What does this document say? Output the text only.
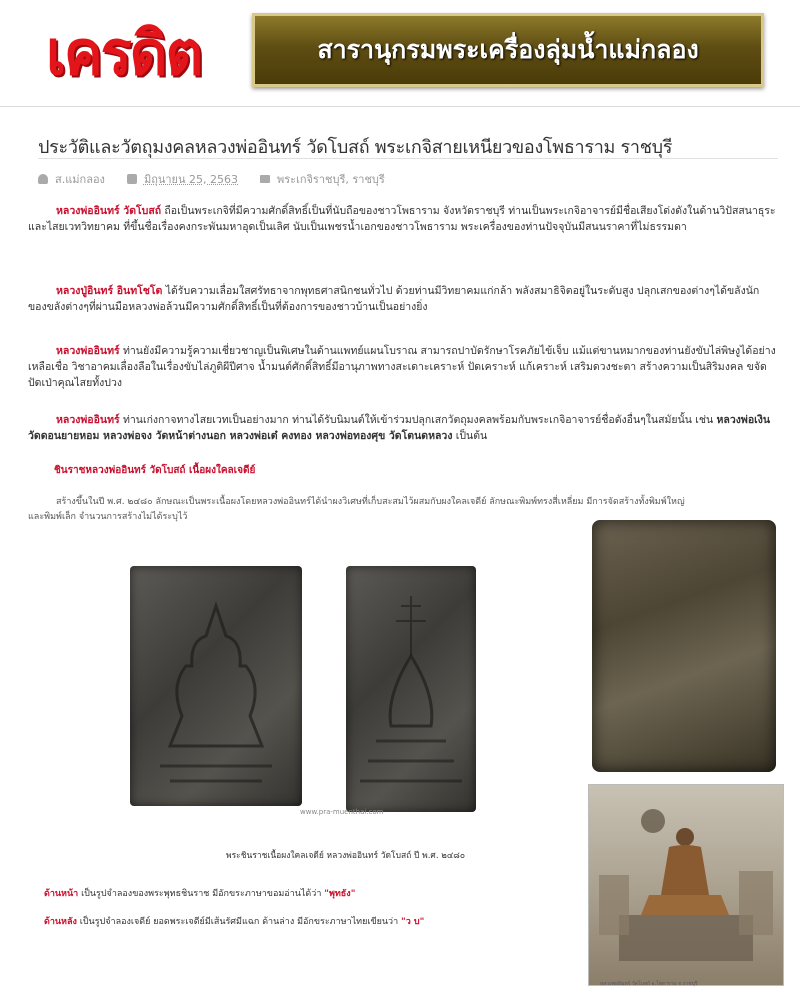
เครดิต	สารานุกรมพระเครื่องลุ่มน้ำแม่กลอง
ประวัติและวัตถุมงคลหลวงพ่ออินทร์ วัดโบสถ์ พระเกจิสายเหนียวของโพธาราม ราชบุรี
ส.แม่กลอง	มิถุนายน 25, 2563	พระเกจิราชบุรี, ราชบุรี

หลวงพ่ออินทร์ วัดโบสถ์ ถือเป็นพระเกจิที่มีความศักดิ์สิทธิ์เป็นที่นับถือของชาวโพธาราม จังหวัดราชบุรี ท่านเป็นพระเกจิอาจารย์มีชื่อเสียงโด่งดังในด้านวิปัสสนาธุระและไสยเวทวิทยาคม ที่ขึ้นชื่อเรื่องคงกระพันมหาอุดเป็นเลิศ นับเป็นเพชรน้ำเอกของชาวโพธาราม พระเครื่องของท่านปัจจุบันมีสนนราคาที่ไม่ธรรมดา

หลวงปู่อินทร์ อินทโชโต ได้รับความเลื่อมใสศรัทธาจากพุทธศาสนิกชนทั่วไป ด้วยท่านมีวิทยาคมแก่กล้า พลังสมาธิจิตอยู่ในระดับสูง ปลุกเสกของต่างๆได้ขลังนัก ของขลังต่างๆที่ผ่านมือหลวงพ่อล้วนมีความศักดิ์สิทธิ์เป็นที่ต้องการของชาวบ้านเป็นอย่างยิ่ง

หลวงพ่ออินทร์ ท่านยังมีความรู้ความเชี่ยวชาญเป็นพิเศษในด้านแพทย์แผนโบราณ สามารถปาบัดรักษาโรคภัยไข้เจ็บ แม้แต่ขานหมากของท่านยังขับไล่พิษงูได้อย่างเหลือเชื่อ วิชาอาคมเลื่องลือในเรื่องขับไล่ภูติผีปีศาจ น้ำมนต์ศักดิ์สิทธิ์มีอานุภาพทางสะเดาะเคราะห์ ปัดเคราะห์ แก้เคราะห์ เสริมดวงชะตา สร้างความเป็นสิริมงคล ขจัดปัดเป่าคุณไสยทั้งปวง

หลวงพ่ออินทร์ ท่านเก่งกาจทางไสยเวทเป็นอย่างมาก ท่านได้รับนิมนต์ให้เข้าร่วมปลุกเสกวัตถุมงคลพร้อมกับพระเกจิอาจารย์ชื่อดังอื่นๆในสมัยนั้น เช่น หลวงพ่อเงิน วัดดอนยายหอม หลวงพ่อจง วัดหน้าต่างนอก หลวงพ่อเต๋ คงทอง หลวงพ่อทองศุข วัดโตนดหลวง เป็นต้น

ชินราชหลวงพ่ออินทร์ วัดโบสถ์ เนื้อผงใคลเจดีย์

สร้างขึ้นในปี พ.ศ. ๒๔๘๐ ลักษณะเป็นพระเนื้อผงโดยหลวงพ่ออินทร์ได้นำผงวิเศษที่เก็บสะสมไว้ผสมกับผงใคลเจดีย์ ลักษณะพิมพ์ทรงสี่เหลี่ยม มีการจัดสร้างทั้งพิมพ์ใหญ่และพิมพ์เล็ก จำนวนการสร้างไม่ได้ระบุไว้

www.pra-muenthai.com
พระชินราชเนื้อผงใคลเจดีย์ หลวงพ่ออินทร์ วัดโบสถ์ ปี พ.ศ. ๒๔๘๐
หลวงพ่ออินทร์ วัดโบสถ์ อ.โพธาราม จ.ราชบุรี
ด้านหน้า เป็นรูปจำลองของพระพุทธชินราช มีอักขระภาษาขอมอ่านได้ว่า "พุทธัง"
ด้านหลัง เป็นรูปจำลองเจดีย์ ยอดพระเจดีย์มีเส้นรัศมีแฉก ด้านล่าง มีอักขระภาษาไทยเขียนว่า "ว บ"
